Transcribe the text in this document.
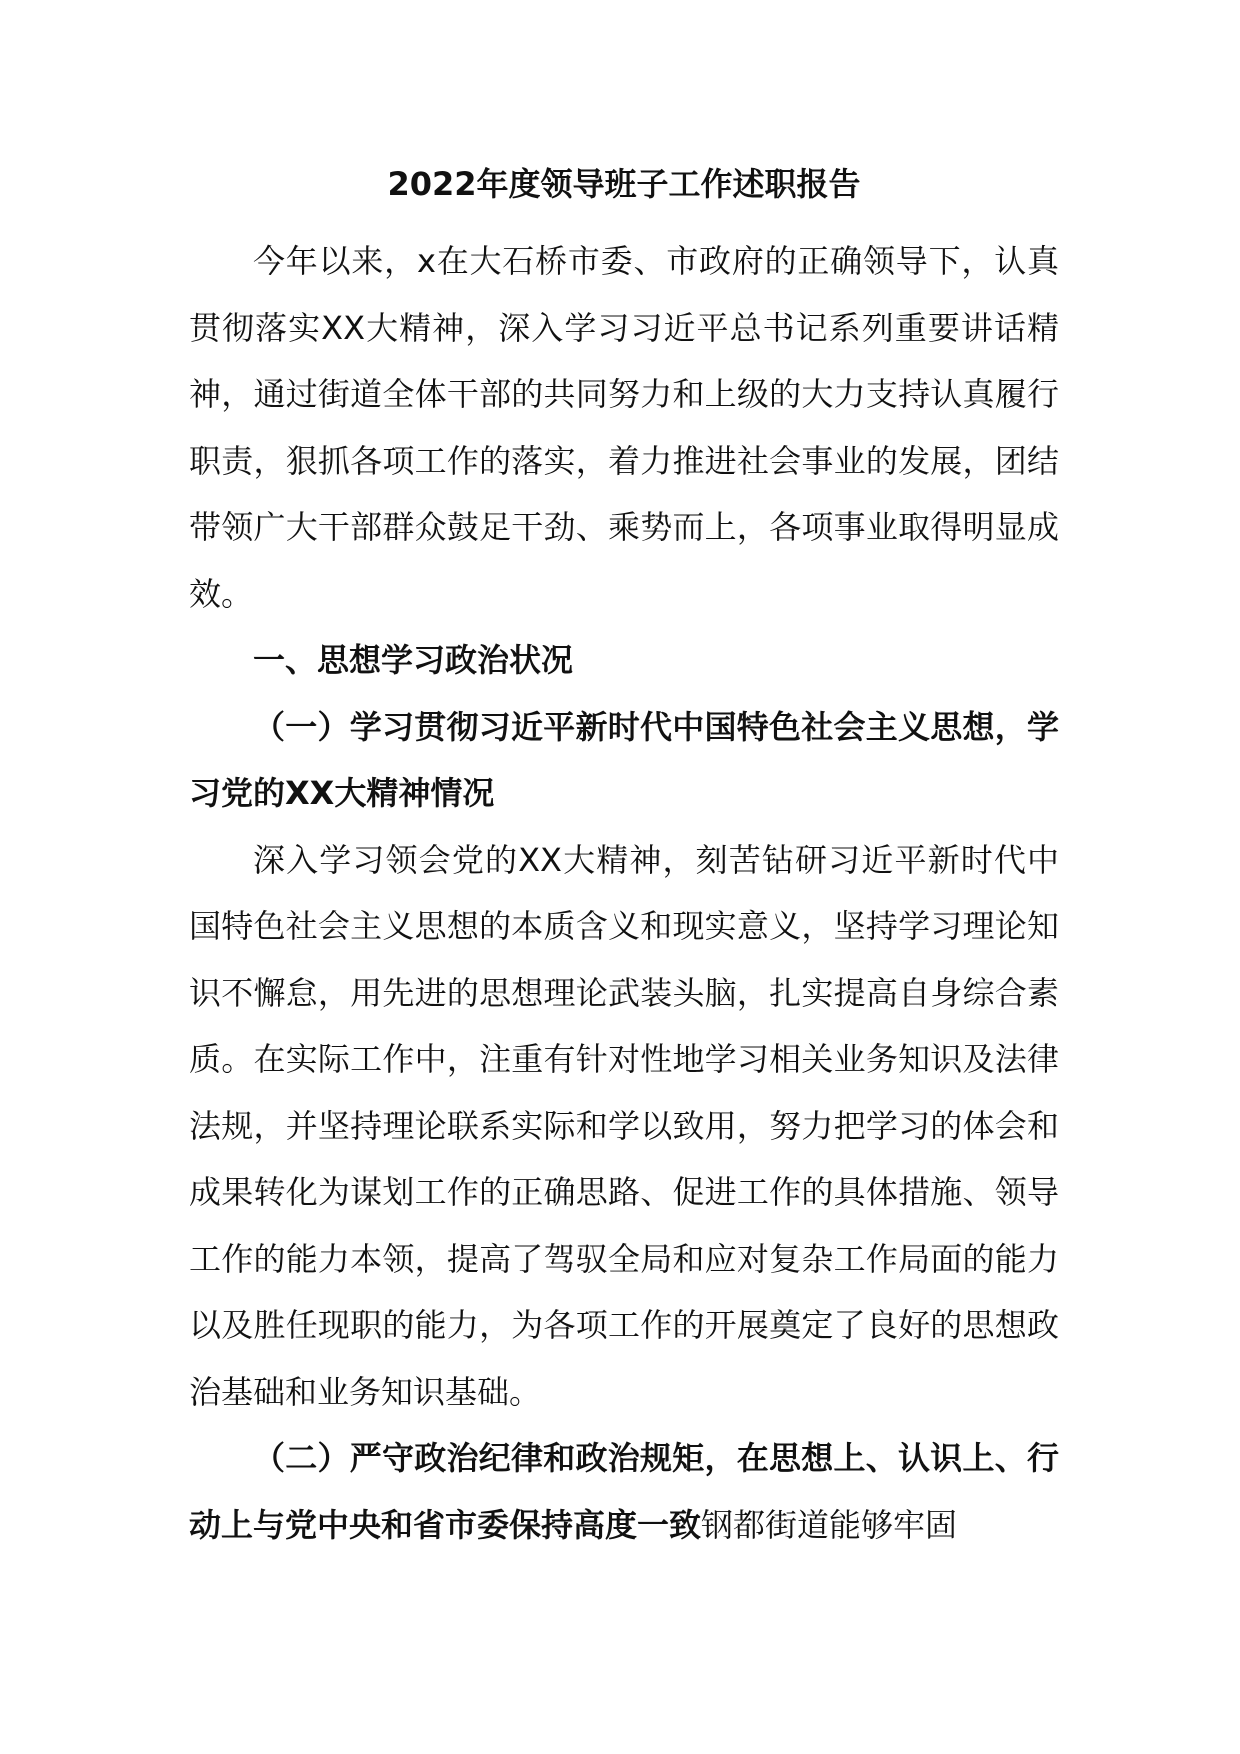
2022年度领导班子工作述职报告

今年以来，x在大石桥市委、市政府的正确领导下，认真贯彻落实XX大精神，深入学习习近平总书记系列重要讲话精神，通过街道全体干部的共同努力和上级的大力支持认真履行职责，狠抓各项工作的落实，着力推进社会事业的发展，团结带领广大干部群众鼓足干劲、乘势而上，各项事业取得明显成效。

一、思想学习政治状况

（一）学习贯彻习近平新时代中国特色社会主义思想，学习党的XX大精神情况

深入学习领会党的XX大精神，刻苦钻研习近平新时代中国特色社会主义思想的本质含义和现实意义，坚持学习理论知识不懈怠，用先进的思想理论武装头脑，扎实提高自身综合素质。在实际工作中，注重有针对性地学习相关业务知识及法律法规，并坚持理论联系实际和学以致用，努力把学习的体会和成果转化为谋划工作的正确思路、促进工作的具体措施、领导工作的能力本领，提高了驾驭全局和应对复杂工作局面的能力以及胜任现职的能力，为各项工作的开展奠定了良好的思想政治基础和业务知识基础。

（二）严守政治纪律和政治规矩，在思想上、认识上、行动上与党中央和省市委保持高度一致钢都街道能够牢固
